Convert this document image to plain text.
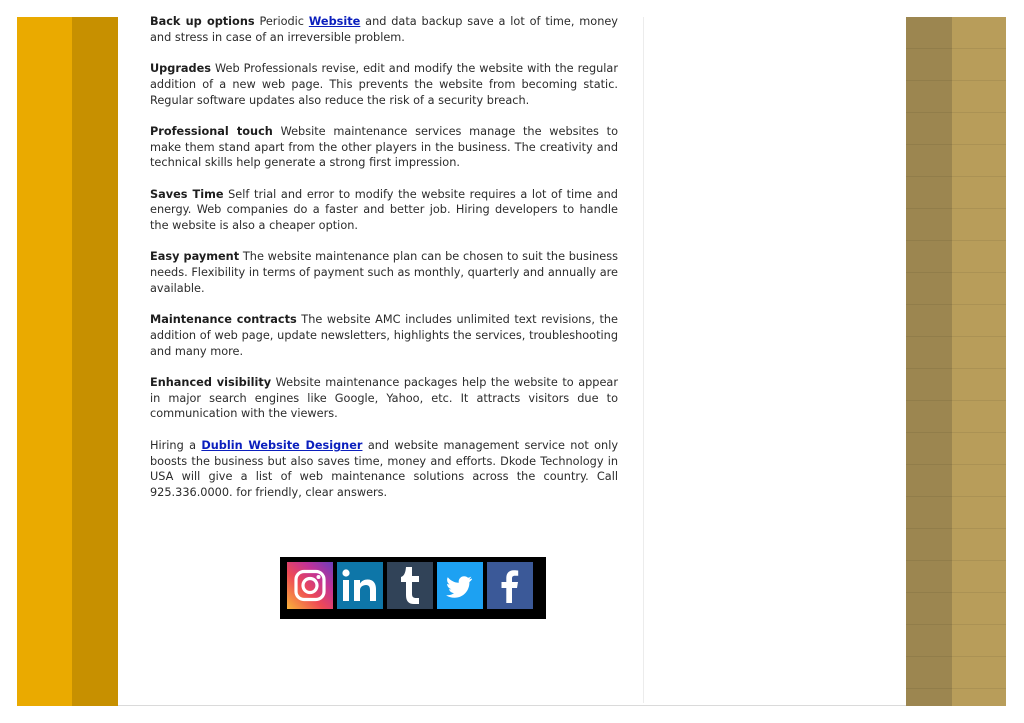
Back up options Periodic Website and data backup save a lot of time, money and stress in case of an irreversible problem.

Upgrades Web Professionals revise, edit and modify the website with the regular addition of a new web page. This prevents the website from becoming static. Regular software updates also reduce the risk of a security breach.

Professional touch Website maintenance services manage the websites to make them stand apart from the other players in the business. The creativity and technical skills help generate a strong first impression.

Saves Time Self trial and error to modify the website requires a lot of time and energy. Web companies do a faster and better job. Hiring developers to handle the website is also a cheaper option.

Easy payment The website maintenance plan can be chosen to suit the business needs. Flexibility in terms of payment such as monthly, quarterly and annually are available.

Maintenance contracts The website AMC includes unlimited text revisions, the addition of web page, update newsletters, highlights the services, troubleshooting and many more.

Enhanced visibility Website maintenance packages help the website to appear in major search engines like Google, Yahoo, etc. It attracts visitors due to communication with the viewers.

Hiring a Dublin Website Designer and website management service not only boosts the business but also saves time, money and efforts. Dkode Technology in USA will give a list of web maintenance solutions across the country. Call 925.336.0000. for friendly, clear answers.
